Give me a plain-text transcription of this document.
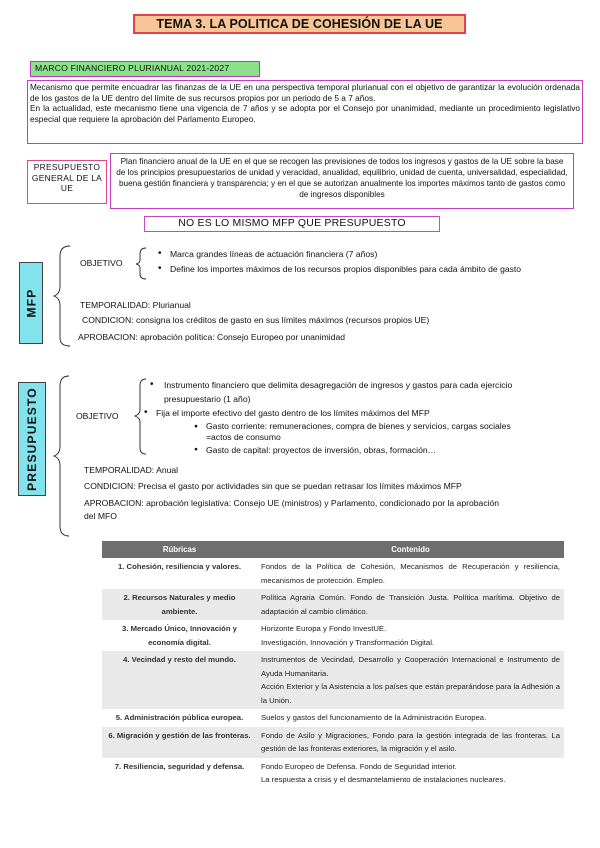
TEMA 3. LA POLITICA DE COHESIÓN DE LA UE
MARCO FINANCIERO PLURIANUAL 2021-2027

Mecanismo que permite encuadrar las finanzas de la UE en una perspectiva temporal plurianual con el objetivo de garantizar la evolución ordenada de los gastos de la UE dentro del límite de sus recursos propios por un periodo de 5 a 7 años.

En la actualidad, este mecanismo tiene una vigencia de 7 años y se adopta por el Consejo por unanimidad, mediante un procedimiento legislativo especial que requiere la aprobación del Parlamento Europeo.

PRESUPUESTO GENERAL DE LA UE
Plan financiero anual de la UE en el que se recogen las previsiones de todos los ingresos y gastos de la UE sobre la base de los principios presupuestarios de unidad y veracidad, anualidad, equilibrio, unidad de cuenta, universalidad, especialidad, buena gestión financiera y transparencia; y en el que se autorizan anualmente los importes máximos tanto de gastos como de ingresos disponibles
NO ES LO MISMO MFP QUE PRESUPUESTO
MFP
OBJETIVO
• Marca grandes líneas de actuación financiera (7 años)
• Define los importes máximos de los recursos propios disponibles para cada ámbito de gasto
TEMPORALIDAD: Plurianual
CONDICION: consigna los créditos de gasto en sus límites máximos (recursos propios UE)
APROBACION: aprobación política: Consejo Europeo por unanimidad
PRESUPUESTO	OBJETIVO
• Instrumento financiero que delimita desagregación de ingresos y gastos para cada ejercicio
presupuestario (1 año)
• Fija el importe efectivo del gasto dentro de los límites máximos del MFP
● Gasto corriente: remuneraciones, compra de bienes y servicios, cargas sociales
=actos de consumo
● Gasto de capital: proyectos de inversión, obras, formación…
TEMPORALIDAD: Anual
CONDICION: Precisa el gasto por actividades sin que se puedan retrasar los límites máximos MFP
APROBACION: aprobación legislativa: Consejo UE (ministros) y Parlamento, condicionado por la aprobación
del MFO
Rúbricas	Contenido
1. Cohesión, resiliencia y valores.	Fondos de la Política de Cohesión, Mecanismos de Recuperación y resiliencia, mecanismos de protección. Empleo.

2. Recursos Naturales y medio ambiente.	Política Agraria Común. Fondo de Transición Justa. Política marítima. Objetivo de adaptación al cambio climático.

3. Mercado Único, Innovación y economía digital.	Horizonte Europa y Fondo InvestUE.
Investigación, Innovación y Transformación Digital.

4. Vecindad y resto del mundo.	Instrumentos de Vecindad, Desarrollo y Cooperación Internacional e Instrumento de Ayuda Humanitaria.
Acción Exterior y la Asistencia a los países que están preparándose para la Adhesión a la Unión.

5. Administración pública europea.	Suelos y gastos del funcionamiento de la Administración Europea.

6. Migración y gestión de las fronteras.	Fondo de Asilo y Migraciones, Fondo para la gestión integrada de las fronteras. La gestión de las fronteras exteriores, la migración y el asilo.

7. Resiliencia, seguridad y defensa.	Fondo Europeo de Defensa. Fondo de Seguridad interior.
La respuesta a crisis y el desmantelamiento de instalaciones nucleares.
